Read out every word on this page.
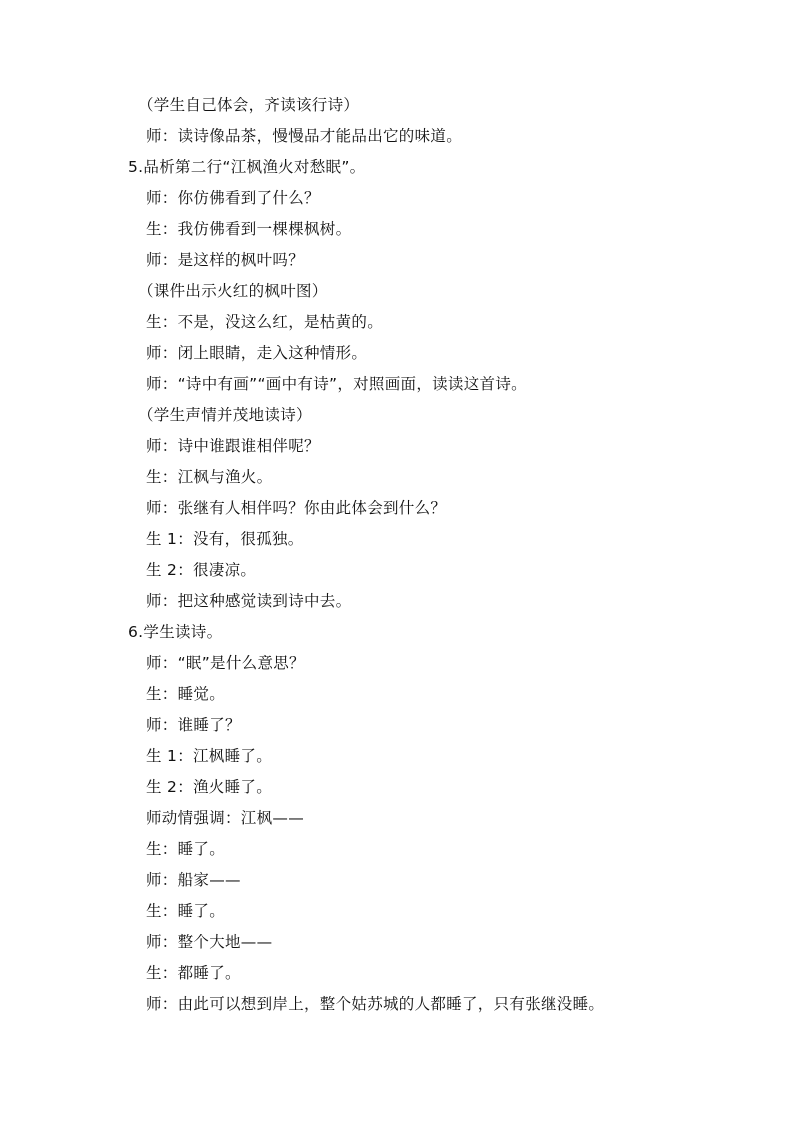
（学生自己体会，齐读该行诗）
师：读诗像品茶，慢慢品才能品出它的味道。
5.品析第二行“江枫渔火对愁眠”。
师：你仿佛看到了什么？
生：我仿佛看到一棵棵枫树。
师：是这样的枫叶吗？
（课件出示火红的枫叶图）
生：不是，没这么红，是枯黄的。
师：闭上眼睛，走入这种情形。
师：“诗中有画”“画中有诗”，对照画面，读读这首诗。
（学生声情并茂地读诗）
师：诗中谁跟谁相伴呢？
生：江枫与渔火。
师：张继有人相伴吗？你由此体会到什么？
生 1：没有，很孤独。
生 2：很凄凉。
师：把这种感觉读到诗中去。
6.学生读诗。
师：“眠”是什么意思？
生：睡觉。
师：谁睡了？
生 1：江枫睡了。
生 2：渔火睡了。
师动情强调：江枫——
生：睡了。
师：船家——
生：睡了。
师：整个大地——
生：都睡了。
师：由此可以想到岸上，整个姑苏城的人都睡了，只有张继没睡。
